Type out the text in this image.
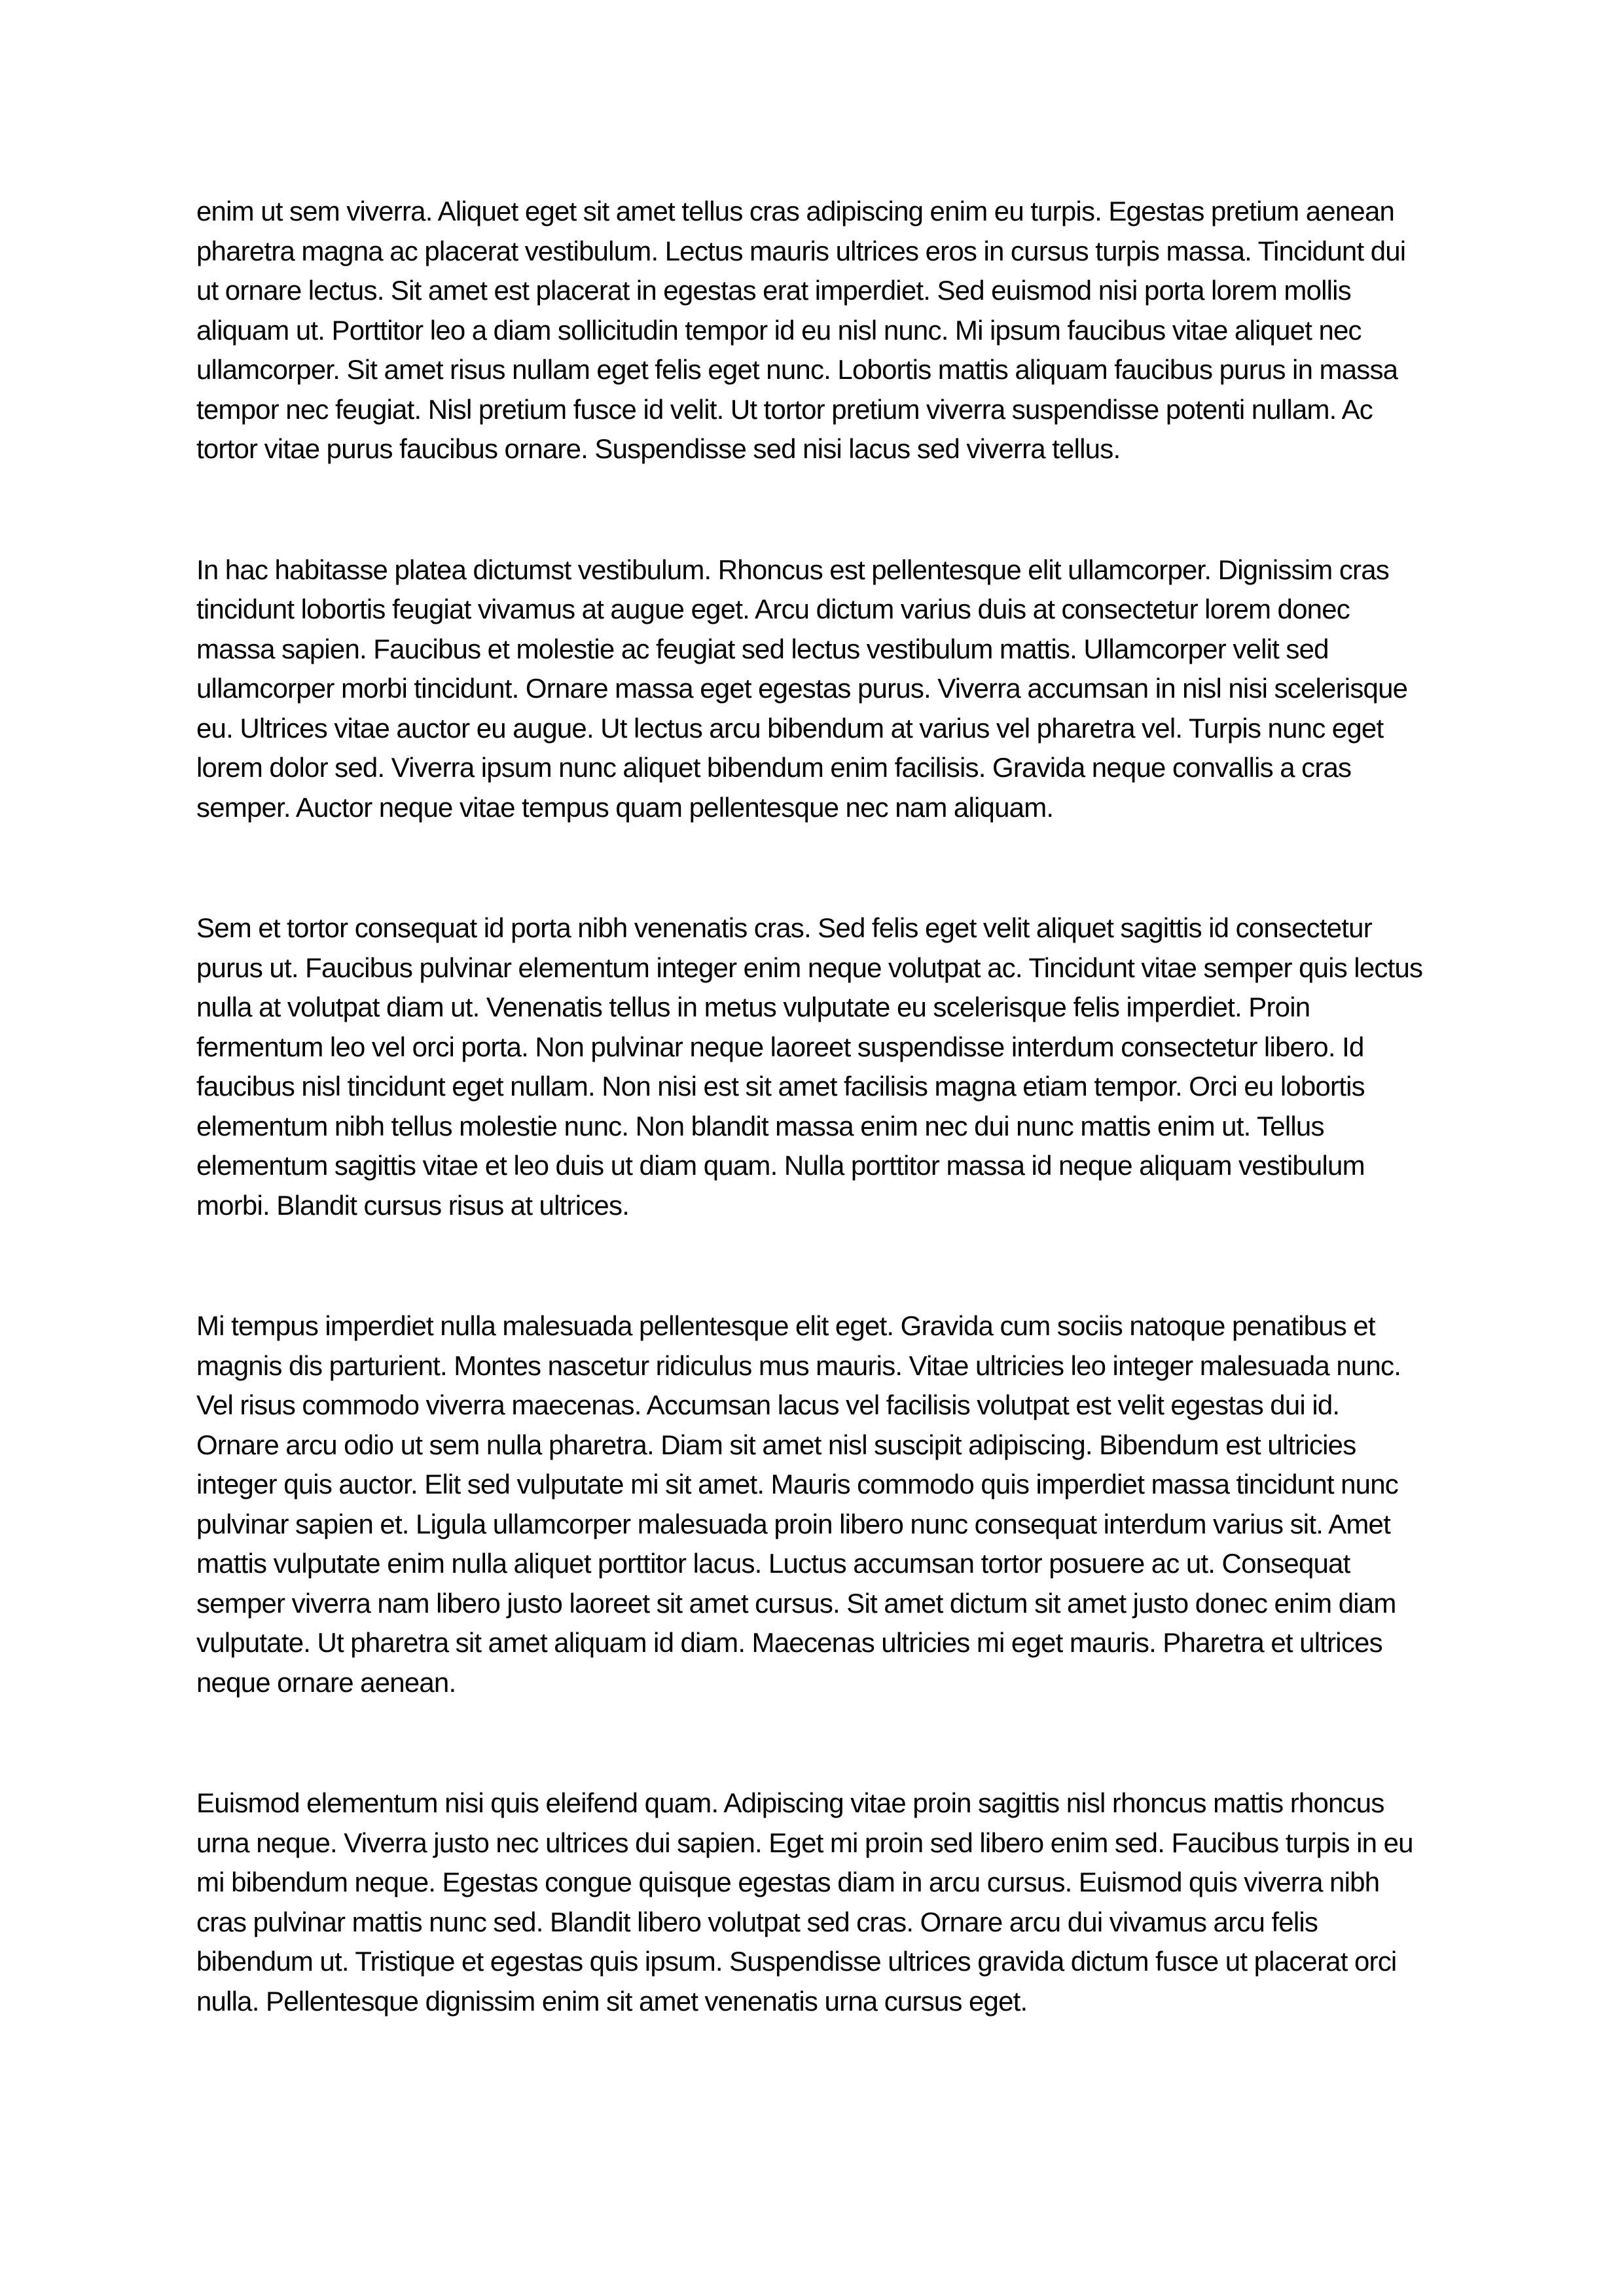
enim ut sem viverra. Aliquet eget sit amet tellus cras adipiscing enim eu turpis. Egestas pretium aenean pharetra magna ac placerat vestibulum. Lectus mauris ultrices eros in cursus turpis massa. Tincidunt dui ut ornare lectus. Sit amet est placerat in egestas erat imperdiet. Sed euismod nisi porta lorem mollis aliquam ut. Porttitor leo a diam sollicitudin tempor id eu nisl nunc. Mi ipsum faucibus vitae aliquet nec ullamcorper. Sit amet risus nullam eget felis eget nunc. Lobortis mattis aliquam faucibus purus in massa tempor nec feugiat. Nisl pretium fusce id velit. Ut tortor pretium viverra suspendisse potenti nullam. Ac tortor vitae purus faucibus ornare. Suspendisse sed nisi lacus sed viverra tellus.

In hac habitasse platea dictumst vestibulum. Rhoncus est pellentesque elit ullamcorper. Dignissim cras tincidunt lobortis feugiat vivamus at augue eget. Arcu dictum varius duis at consectetur lorem donec massa sapien. Faucibus et molestie ac feugiat sed lectus vestibulum mattis. Ullamcorper velit sed ullamcorper morbi tincidunt. Ornare massa eget egestas purus. Viverra accumsan in nisl nisi scelerisque eu. Ultrices vitae auctor eu augue. Ut lectus arcu bibendum at varius vel pharetra vel. Turpis nunc eget lorem dolor sed. Viverra ipsum nunc aliquet bibendum enim facilisis. Gravida neque convallis a cras semper. Auctor neque vitae tempus quam pellentesque nec nam aliquam.

Sem et tortor consequat id porta nibh venenatis cras. Sed felis eget velit aliquet sagittis id consectetur purus ut. Faucibus pulvinar elementum integer enim neque volutpat ac. Tincidunt vitae semper quis lectus nulla at volutpat diam ut. Venenatis tellus in metus vulputate eu scelerisque felis imperdiet. Proin fermentum leo vel orci porta. Non pulvinar neque laoreet suspendisse interdum consectetur libero. Id faucibus nisl tincidunt eget nullam. Non nisi est sit amet facilisis magna etiam tempor. Orci eu lobortis elementum nibh tellus molestie nunc. Non blandit massa enim nec dui nunc mattis enim ut. Tellus elementum sagittis vitae et leo duis ut diam quam. Nulla porttitor massa id neque aliquam vestibulum morbi. Blandit cursus risus at ultrices.

Mi tempus imperdiet nulla malesuada pellentesque elit eget. Gravida cum sociis natoque penatibus et magnis dis parturient. Montes nascetur ridiculus mus mauris. Vitae ultricies leo integer malesuada nunc. Vel risus commodo viverra maecenas. Accumsan lacus vel facilisis volutpat est velit egestas dui id. Ornare arcu odio ut sem nulla pharetra. Diam sit amet nisl suscipit adipiscing. Bibendum est ultricies integer quis auctor. Elit sed vulputate mi sit amet. Mauris commodo quis imperdiet massa tincidunt nunc pulvinar sapien et. Ligula ullamcorper malesuada proin libero nunc consequat interdum varius sit. Amet mattis vulputate enim nulla aliquet porttitor lacus. Luctus accumsan tortor posuere ac ut. Consequat semper viverra nam libero justo laoreet sit amet cursus. Sit amet dictum sit amet justo donec enim diam vulputate. Ut pharetra sit amet aliquam id diam. Maecenas ultricies mi eget mauris. Pharetra et ultrices neque ornare aenean.

Euismod elementum nisi quis eleifend quam. Adipiscing vitae proin sagittis nisl rhoncus mattis rhoncus urna neque. Viverra justo nec ultrices dui sapien. Eget mi proin sed libero enim sed. Faucibus turpis in eu mi bibendum neque. Egestas congue quisque egestas diam in arcu cursus. Euismod quis viverra nibh cras pulvinar mattis nunc sed. Blandit libero volutpat sed cras. Ornare arcu dui vivamus arcu felis bibendum ut. Tristique et egestas quis ipsum. Suspendisse ultrices gravida dictum fusce ut placerat orci nulla. Pellentesque dignissim enim sit amet venenatis urna cursus eget.
